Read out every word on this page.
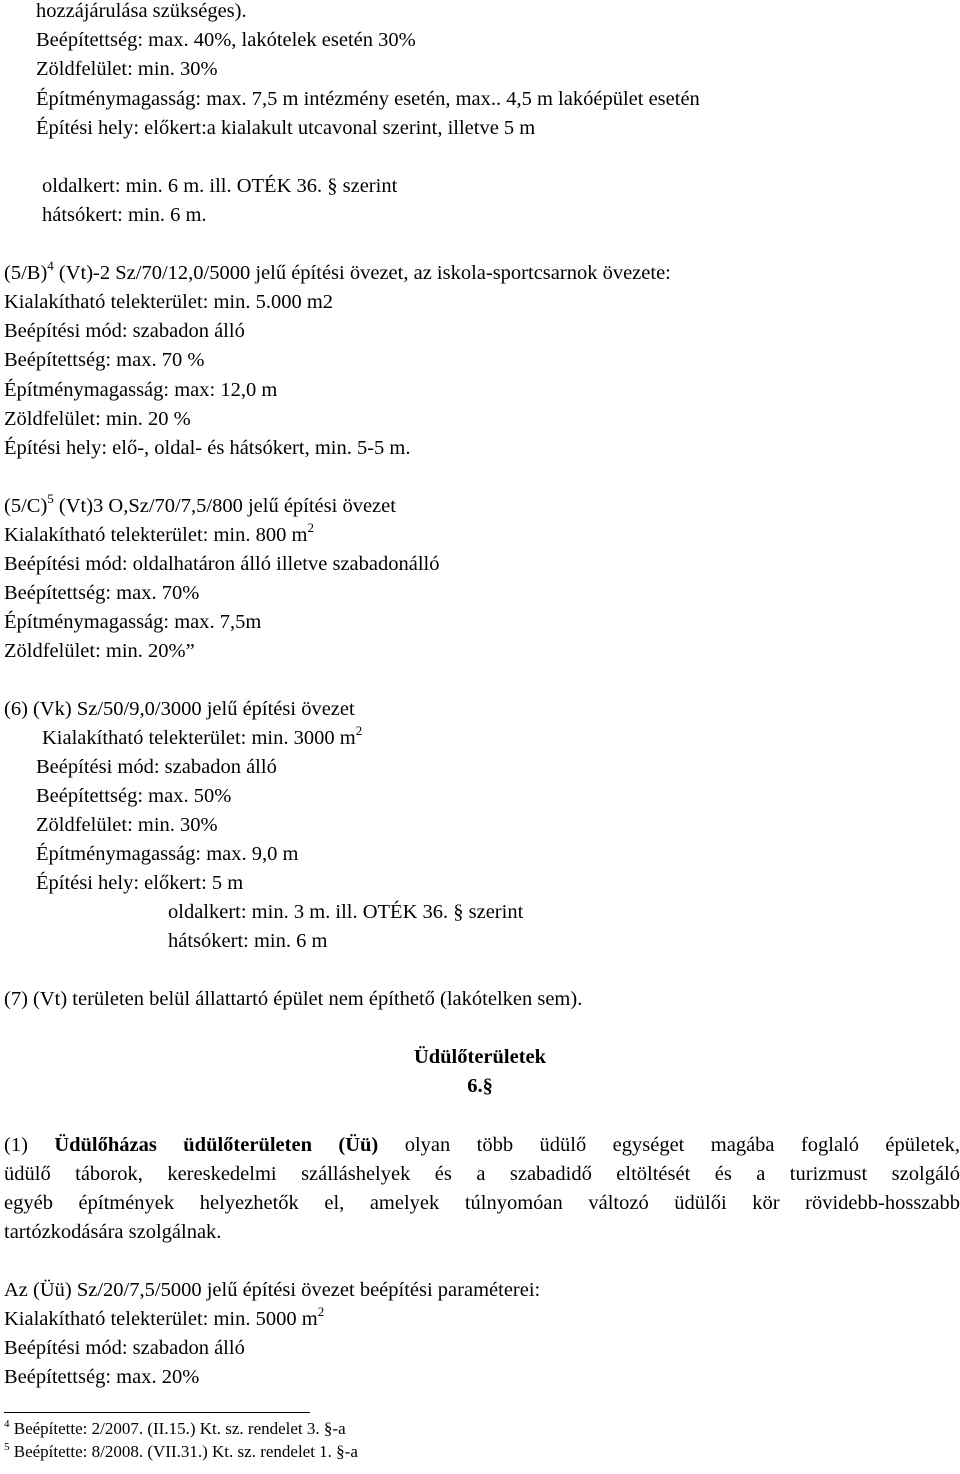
hozzájárulása szükséges).
Beépítettség: max. 40%, lakótelek esetén 30%
Zöldfelület: min. 30%
Építménymagasság: max. 7,5 m intézmény esetén, max.. 4,5 m lakóépület esetén
Építési hely: előkert:a kialakult utcavonal szerint, illetve 5 m
oldalkert: min. 6 m. ill. OTÉK 36. § szerint
hátsókert: min. 6 m.
$(5/B)^4$ (Vt)-2 Sz/70/12,0/5000 jelű építési övezet, az iskola-sportcsarnok övezete:
Kialakítható telekterület: min. 5.000 m2
Beépítési mód: szabadon álló
Beépítettség: max. 70 %
Építménymagasság: max: 12,0 m
Zöldfelület: min. 20 %
Építési hely: elő-, oldal- és hátsókert, min. 5-5 m.
$(5/C)^5$ (Vt)3 O,Sz/70/7,5/800 jelű építési övezet
Kialakítható telekterület: min. 800 $m^2$
Beépítési mód: oldalhatáron álló illetve szabadonálló
Beépítettség: max. 70%
Építménymagasság: max. 7,5m
Zöldfelület: min. 20%”
(6) (Vk) Sz/50/9,0/3000 jelű építési övezet
Kialakítható telekterület: min. 3000 $m^2$
Beépítési mód: szabadon álló
Beépítettség: max. 50%
Zöldfelület: min. 30%
Építménymagasság: max. 9,0 m
Építési hely: előkert: 5 m
oldalkert: min. 3 m. ill. OTÉK 36. § szerint
hátsókert: min. 6 m
(7) (Vt) területen belül állattartó épület nem építhető (lakótelken sem).
Üdülőterületek
6.§
(1) Üdülőházas üdülőterületen (Üü) olyan több üdülő egységet magába foglaló épületek,
üdülő táborok, kereskedelmi szálláshelyek és a szabadidő eltöltését és a turizmust szolgáló
egyéb építmények helyezhetők el, amelyek túlnyomóan változó üdülői kör rövidebb-hosszabb
tartózkodására szolgálnak.
Az (Üü) Sz/20/7,5/5000 jelű építési övezet beépítési paraméterei:
Kialakítható telekterület: min. 5000 $m^2$
Beépítési mód: szabadon álló
Beépítettség: max. 20%
$^4$ Beépítette: 2/2007. (II.15.) Kt. sz. rendelet 3. §-a
$^5$ Beépítette: 8/2008. (VII.31.) Kt. sz. rendelet 1. §-a
